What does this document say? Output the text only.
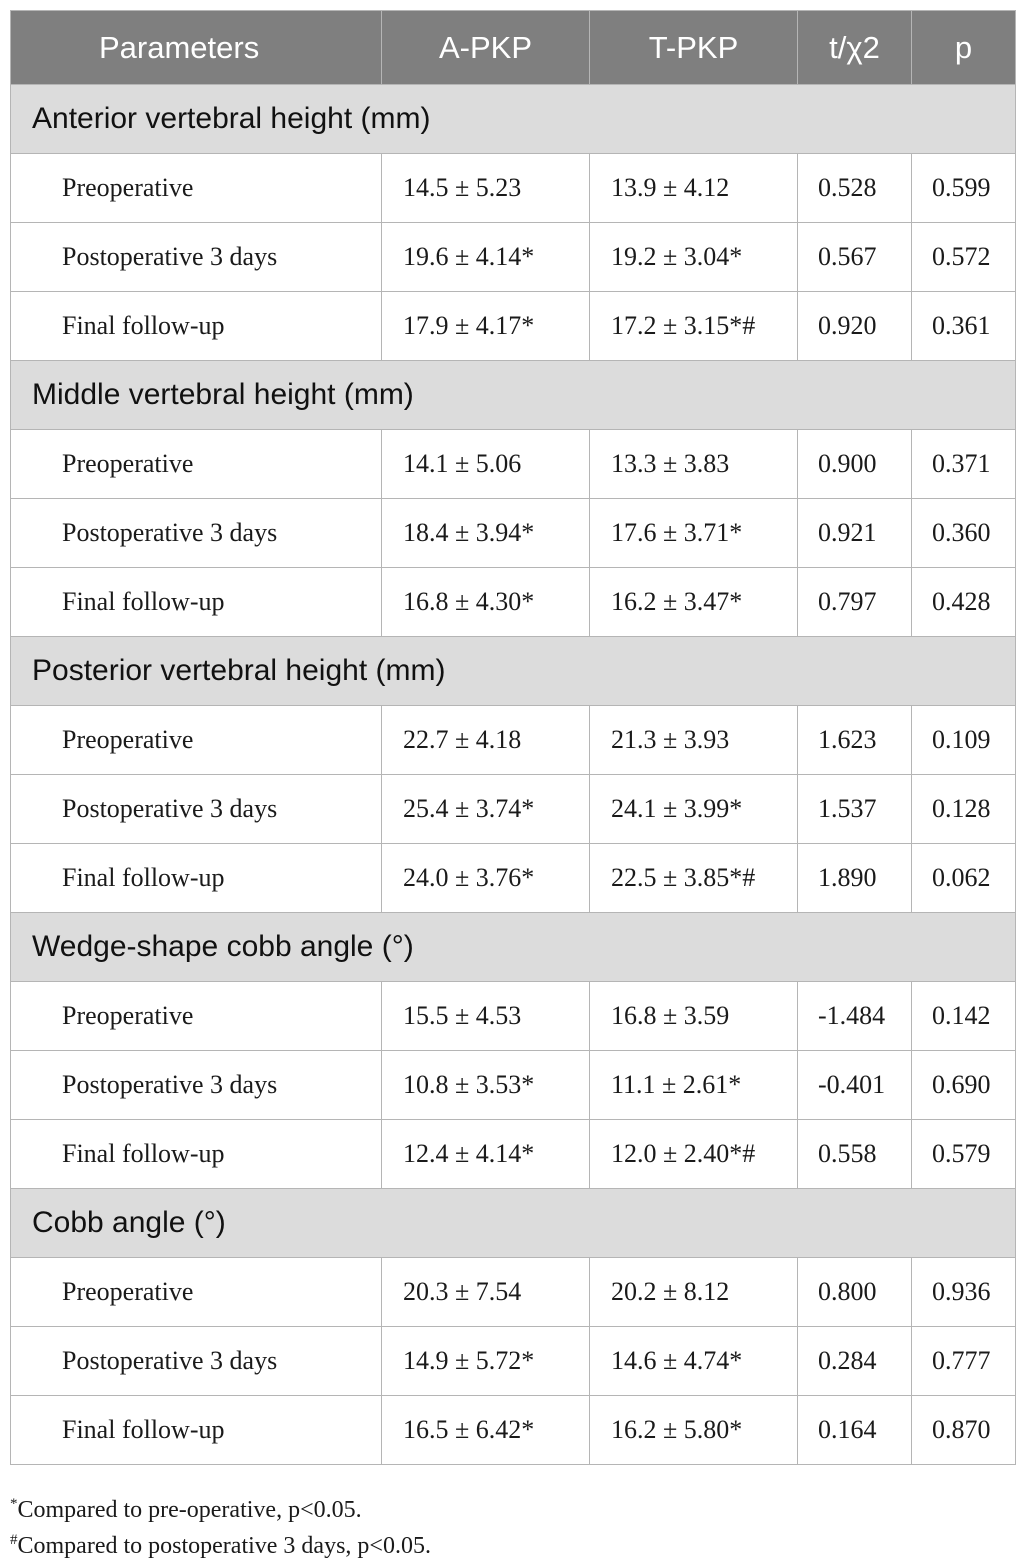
Parameters	A-PKP	T-PKP	t/χ2	p
Anterior vertebral height (mm)				
Preoperative	14.5 ± 5.23	13.9 ± 4.12	0.528	0.599
Postoperative 3 days	19.6 ± 4.14*	19.2 ± 3.04*	0.567	0.572
Final follow-up	17.9 ± 4.17*	17.2 ± 3.15*#	0.920	0.361
Middle vertebral height (mm)				
Preoperative	14.1 ± 5.06	13.3 ± 3.83	0.900	0.371
Postoperative 3 days	18.4 ± 3.94*	17.6 ± 3.71*	0.921	0.360
Final follow-up	16.8 ± 4.30*	16.2 ± 3.47*	0.797	0.428
Posterior vertebral height (mm)				
Preoperative	22.7 ± 4.18	21.3 ± 3.93	1.623	0.109
Postoperative 3 days	25.4 ± 3.74*	24.1 ± 3.99*	1.537	0.128
Final follow-up	24.0 ± 3.76*	22.5 ± 3.85*#	1.890	0.062
Wedge-shape cobb angle (°)				
Preoperative	15.5 ± 4.53	16.8 ± 3.59	-1.484	0.142
Postoperative 3 days	10.8 ± 3.53*	11.1 ± 2.61*	-0.401	0.690
Final follow-up	12.4 ± 4.14*	12.0 ± 2.40*#	0.558	0.579
Cobb angle (°)				
Preoperative	20.3 ± 7.54	20.2 ± 8.12	0.800	0.936
Postoperative 3 days	14.9 ± 5.72*	14.6 ± 4.74*	0.284	0.777
Final follow-up	16.5 ± 6.42*	16.2 ± 5.80*	0.164	0.870
*Compared to pre-operative, p<0.05.
#Compared to postoperative 3 days, p<0.05.
